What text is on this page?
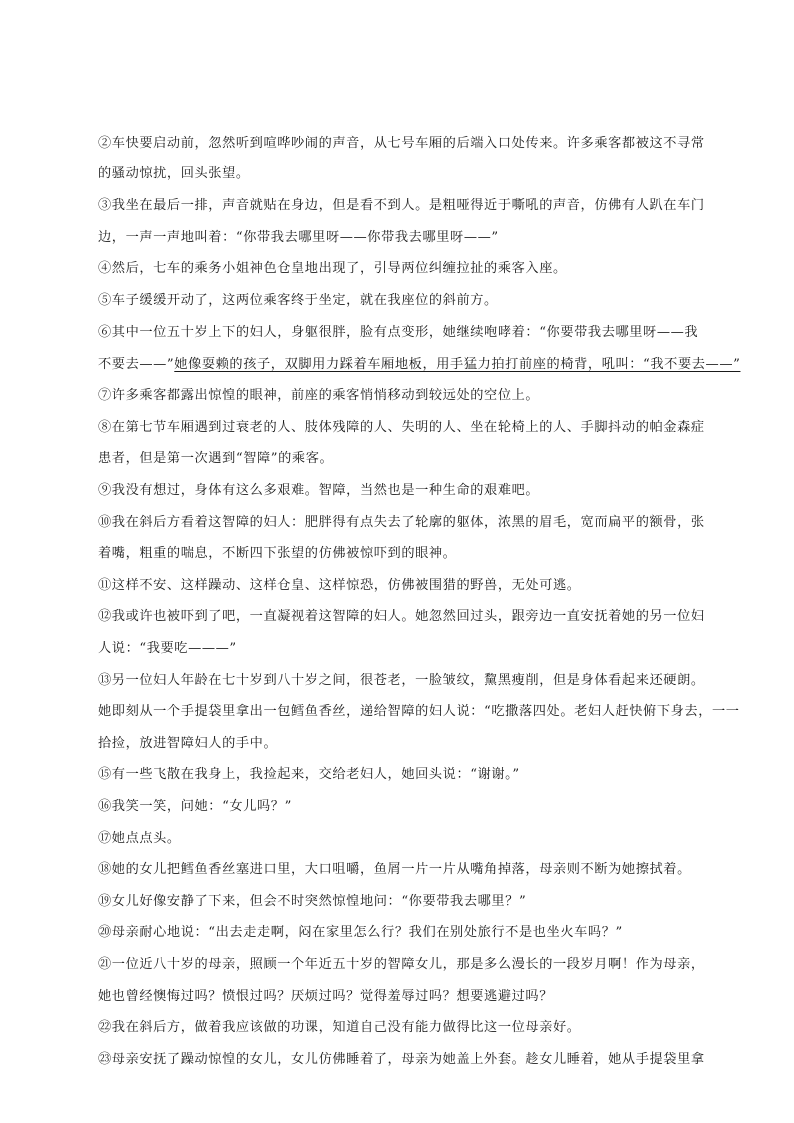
②车快要启动前，忽然听到喧哗吵闹的声音，从七号车厢的后端入口处传来。许多乘客都被这不寻常
的骚动惊扰，回头张望。
③我坐在最后一排，声音就贴在身边，但是看不到人。是粗哑得近于嘶吼的声音，仿佛有人趴在车门
边，一声一声地叫着：“你带我去哪里呀——你带我去哪里呀——”
④然后，七车的乘务小姐神色仓皇地出现了，引导两位纠缠拉扯的乘客入座。
⑤车子缓缓开动了，这两位乘客终于坐定，就在我座位的斜前方。
⑥其中一位五十岁上下的妇人，身躯很胖，脸有点变形，她继续咆哮着：“你要带我去哪里呀——我
不要去——”她像耍赖的孩子，双脚用力踩着车厢地板，用手猛力拍打前座的椅背，吼叫：“我不要去——”
⑦许多乘客都露出惊惶的眼神，前座的乘客悄悄移动到较远处的空位上。
⑧在第七节车厢遇到过衰老的人、肢体残障的人、失明的人、坐在轮椅上的人、手脚抖动的帕金森症
患者，但是第一次遇到“智障”的乘客。
⑨我没有想过，身体有这么多艰难。智障，当然也是一种生命的艰难吧。
⑩我在斜后方看着这智障的妇人：肥胖得有点失去了轮廓的躯体，浓黑的眉毛，宽而扁平的额骨，张
着嘴，粗重的喘息，不断四下张望的仿佛被惊吓到的眼神。
⑪这样不安、这样躁动、这样仓皇、这样惊恐，仿佛被围猎的野兽，无处可逃。
⑫我或许也被吓到了吧，一直凝视着这智障的妇人。她忽然回过头，跟旁边一直安抚着她的另一位妇
人说：“我要吃———”
⑬另一位妇人年龄在七十岁到八十岁之间，很苍老，一脸皱纹，黧黑瘦削，但是身体看起来还硬朗。
她即刻从一个手提袋里拿出一包鳕鱼香丝，递给智障的妇人说：“吃撒落四处。老妇人赶快俯下身去，一一
拾捡，放进智障妇人的手中。
⑮有一些飞散在我身上，我捡起来，交给老妇人，她回头说：“谢谢。”
⑯我笑一笑，问她：“女儿吗？”
⑰她点点头。
⑱她的女儿把鳕鱼香丝塞进口里，大口咀嚼，鱼屑一片一片从嘴角掉落，母亲则不断为她擦拭着。
⑲女儿好像安静了下来，但会不时突然惊惶地问：“你要带我去哪里？”
⑳母亲耐心地说：“出去走走啊，闷在家里怎么行？我们在别处旅行不是也坐火车吗？”
㉑一位近八十岁的母亲，照顾一个年近五十岁的智障女儿，那是多么漫长的一段岁月啊！作为母亲，
她也曾经懊悔过吗？愤恨过吗？厌烦过吗？觉得羞辱过吗？想要逃避过吗？
㉒我在斜后方，做着我应该做的功课，知道自己没有能力做得比这一位母亲好。
㉓母亲安抚了躁动惊惶的女儿，女儿仿佛睡着了，母亲为她盖上外套。趁女儿睡着，她从手提袋里拿
